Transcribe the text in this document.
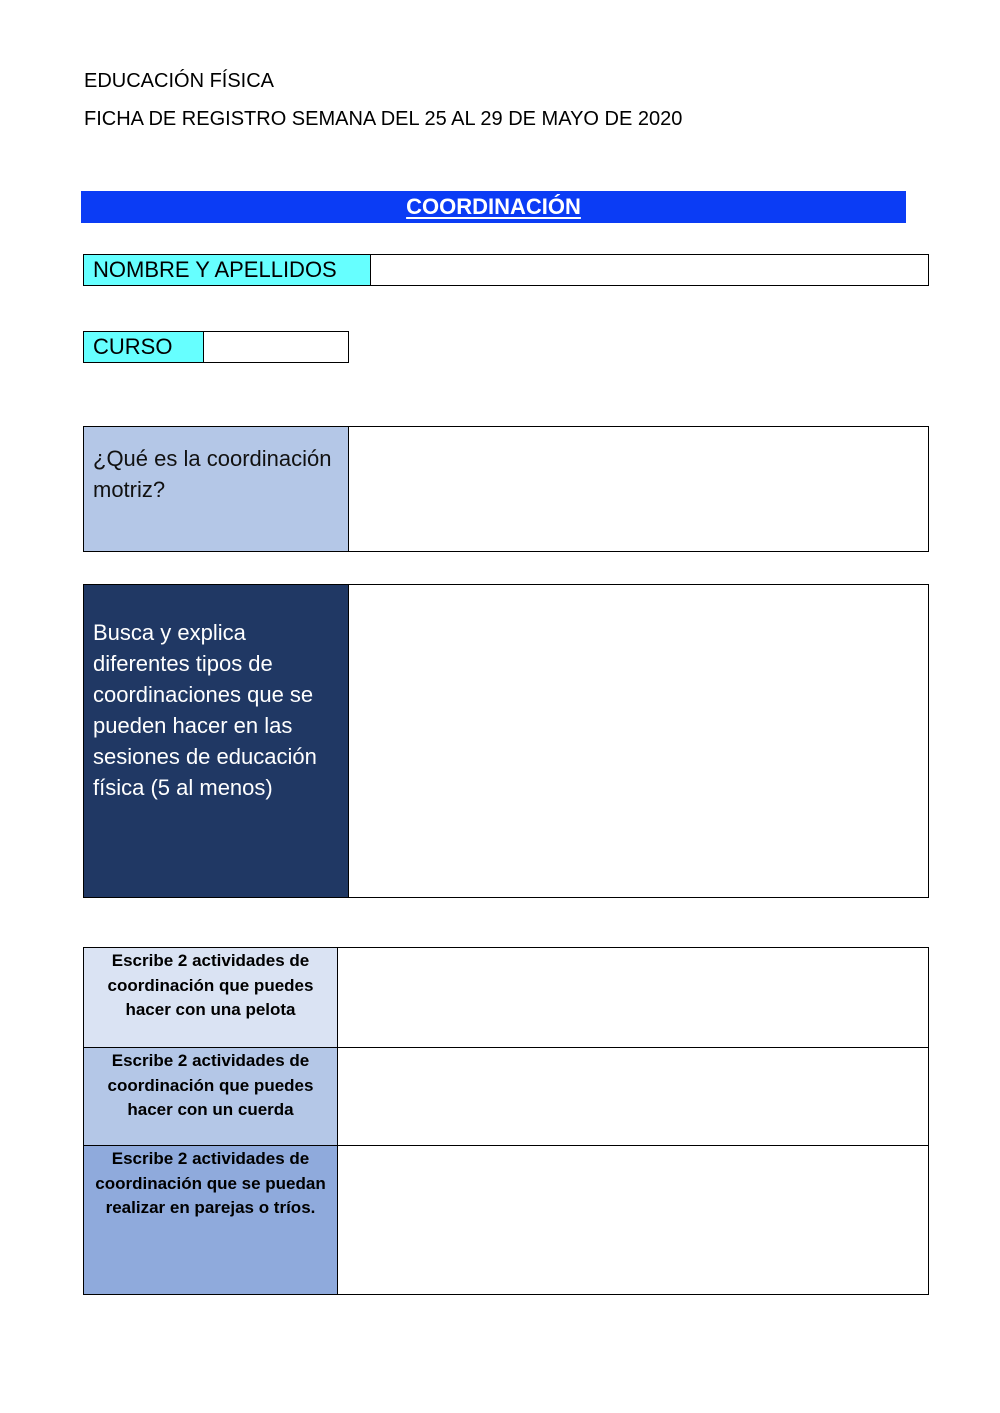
EDUCACIÓN FÍSICA
FICHA DE REGISTRO SEMANA DEL 25 AL 29 DE MAYO DE 2020
COORDINACIÓN
NOMBRE Y APELLIDOS
CURSO
¿Qué es la coordinación motriz?
Busca y explica diferentes tipos de coordinaciones que se pueden hacer en las sesiones de educación física (5 al menos)
Escribe 2 actividades de coordinación que puedes hacer con una pelota
Escribe 2 actividades de coordinación que puedes hacer con un cuerda
Escribe 2 actividades de coordinación que se puedan realizar en parejas o tríos.
